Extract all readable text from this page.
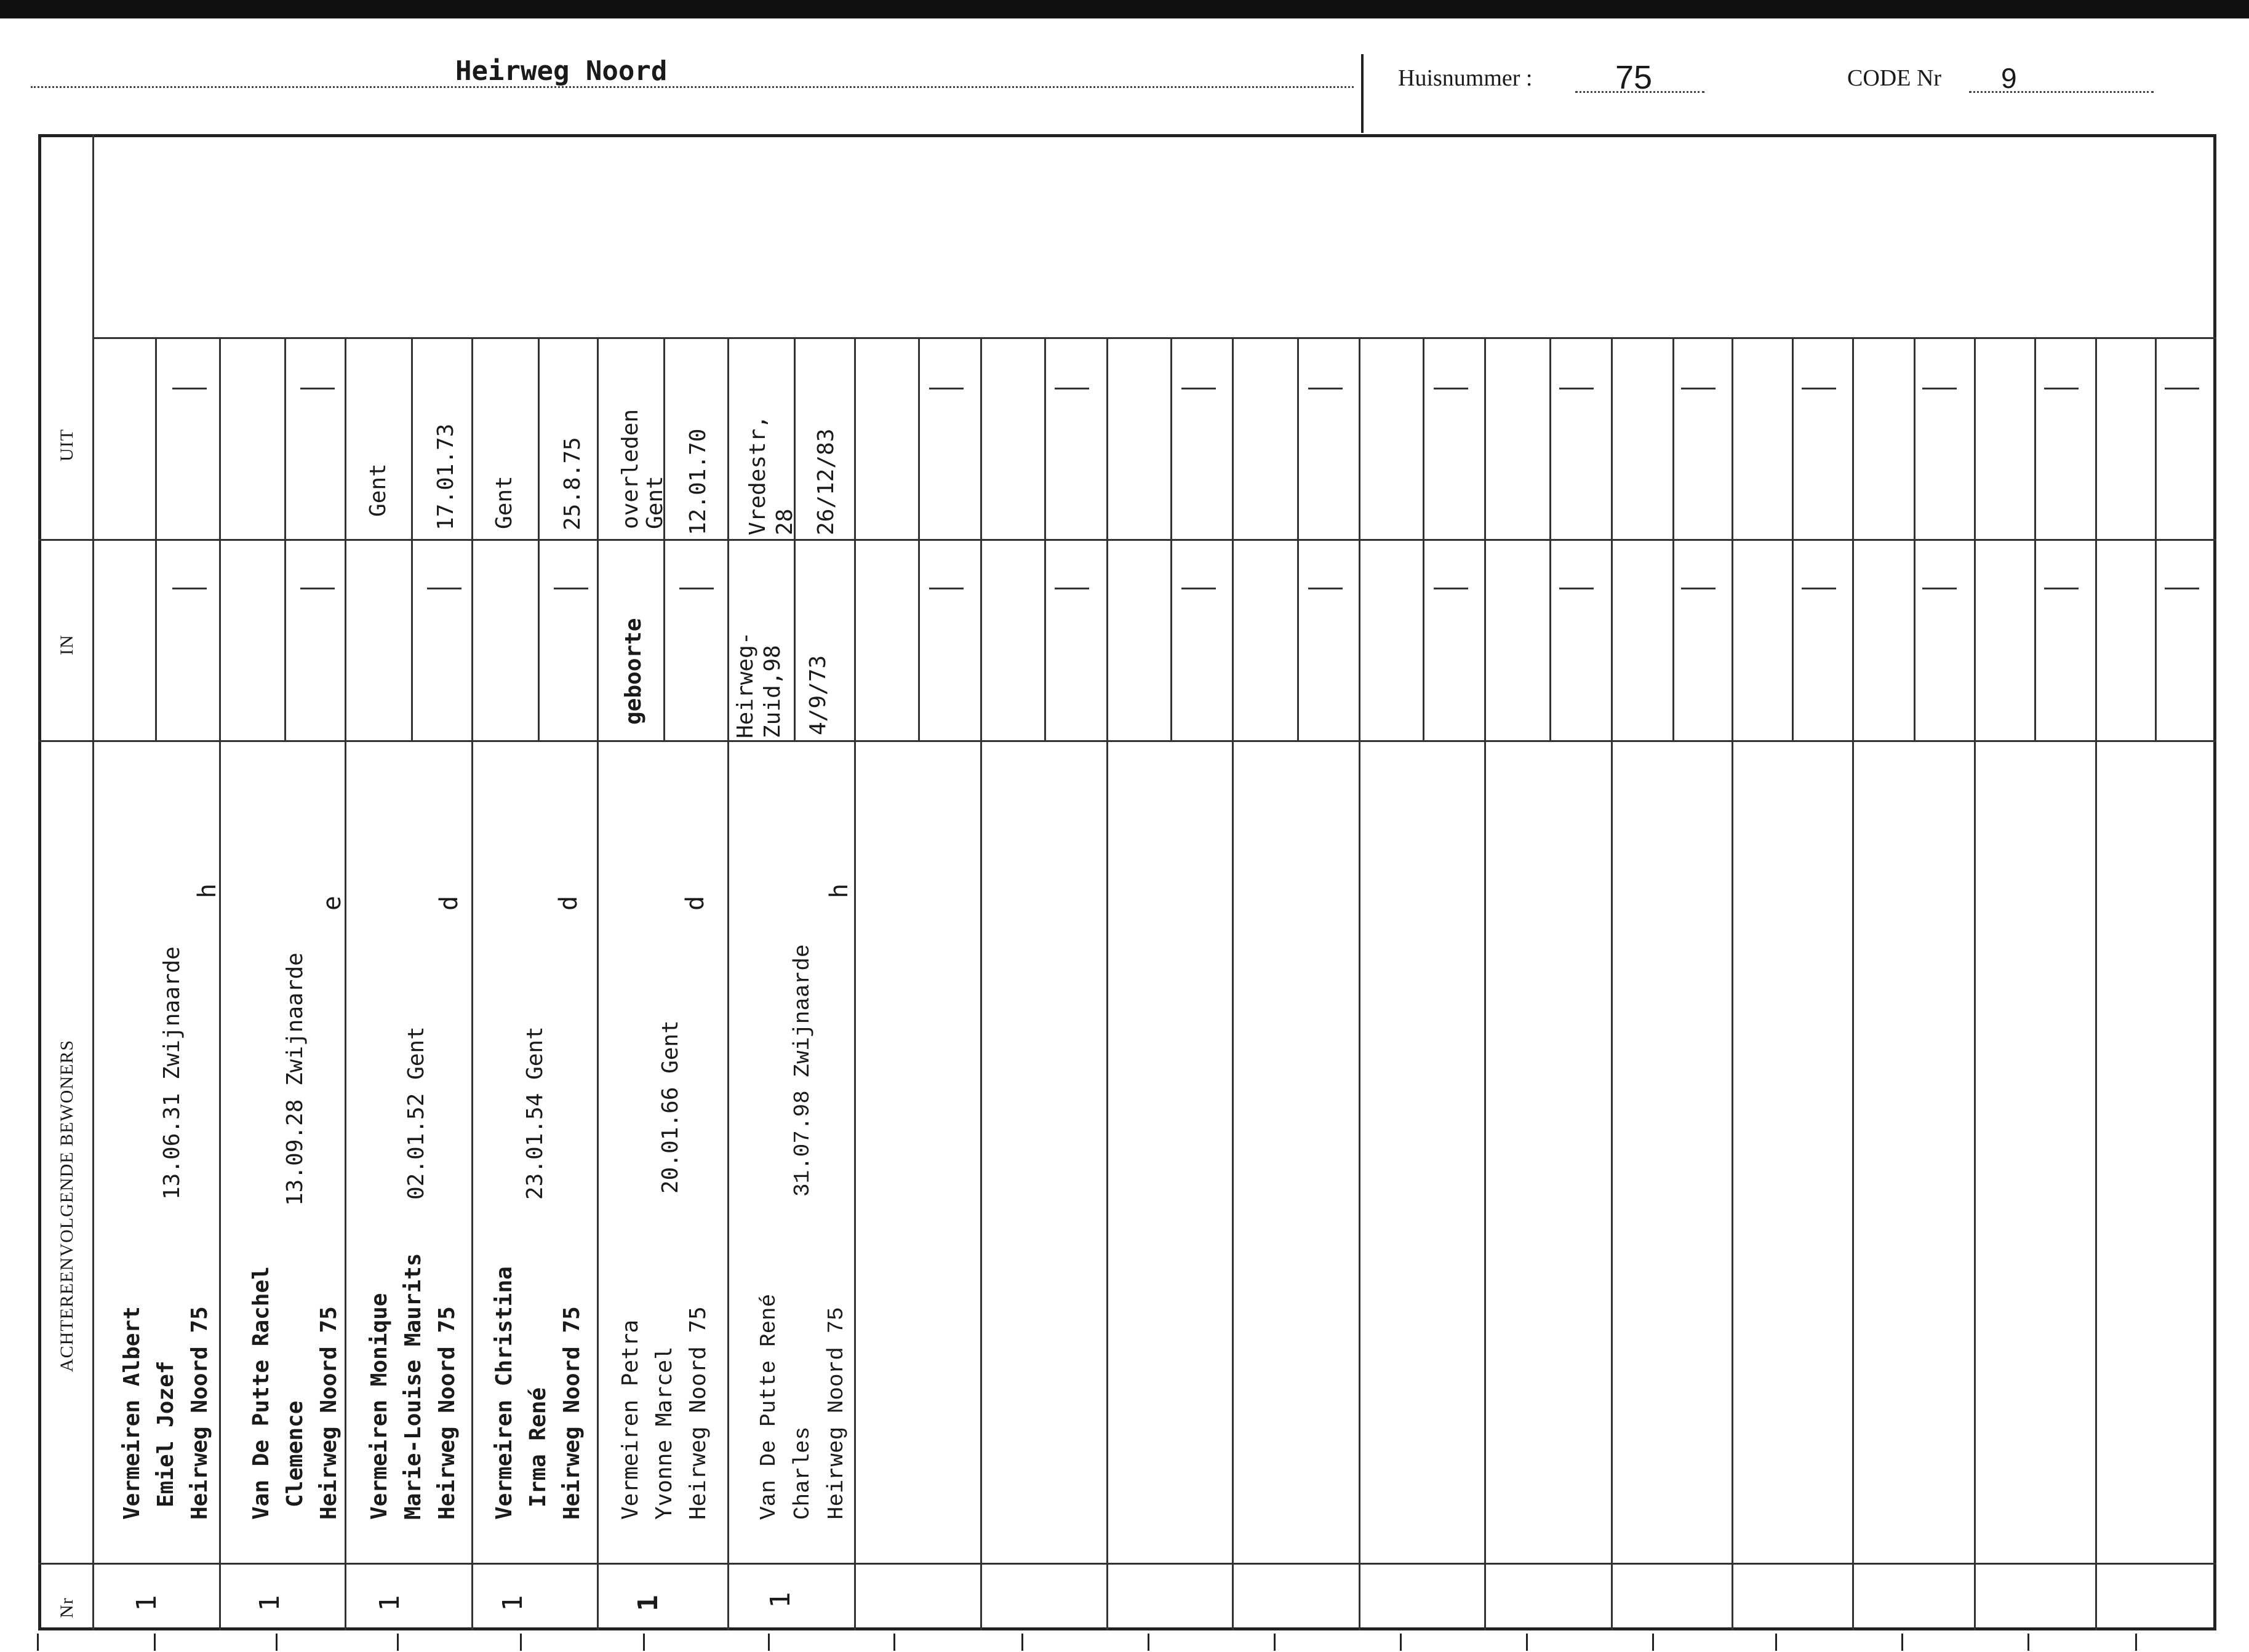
Heirweg Noord	Huisnummer : 75	CODE Nr 9
UIT
IN
ACHTEREENVOLGENDE BEWONERS
Nr
Vermeiren Albert Emiel Jozef Heirweg Noord 75
13.06.31 Zwijnaarde
h
1
Van De Putte Rachel Clemence Heirweg Noord 75
13.09.28 Zwijnaarde
e
1
Vermeiren Monique Marie-Louise Maurits Heirweg Noord 75
02.01.52 Gent
d
1
Gent 17.01.73
Vermeiren Christina Irma René Heirweg Noord 75
23.01.54 Gent
d
1
Gent 25.8.75
Vermeiren Petra Yvonne Marcel Heirweg Noord 75
20.01.66 Gent
d
1
geboorte
overleden
Gent 12.01.70
Van De Putte René Charles Heirweg Noord 75
31.07.98 Zwijnaarde
h
1
Heirweg-
Zuid,98 4/9/73
Vredestr,
28 26/12/83
